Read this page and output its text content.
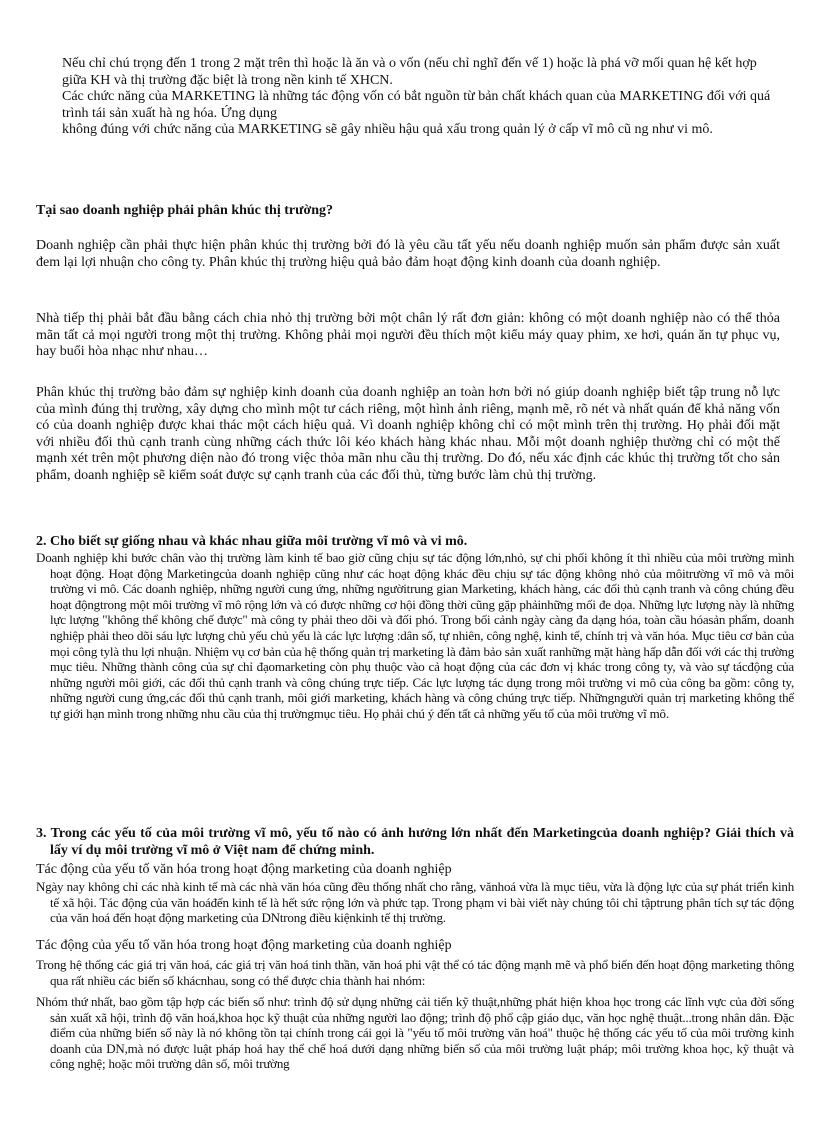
Nếu chỉ chú trọng đến 1 trong 2 mặt trên thì hoặc là ăn và o vốn (nếu chỉ nghĩ đến vế 1) hoặc là phá vỡ mối quan hệ kết hợp giữa KH và thị trường đặc biệt là trong nền kinh tế XHCN.

Các chức năng của MARKETING là những tác động vốn có bắt nguồn từ bản chất khách quan của MARKETING đối với quá trình tái sản xuất hà ng hóa. Ứng dụng

không đúng với chức năng của MARKETING sẽ gây nhiều hậu quả xấu trong quản lý ở cấp vĩ mô cũ ng như vi mô.

Tại sao doanh nghiệp phải phân khúc thị trường?

Doanh nghiệp cần phải thực hiện phân khúc thị trường bởi đó là yêu cầu tất yếu nếu doanh nghiệp muốn sản phẩm được sản xuất đem lại lợi nhuận cho công ty. Phân khúc thị trường hiệu quả bảo đảm hoạt động kinh doanh của doanh nghiệp.

Nhà tiếp thị phải bắt đầu bằng cách chia nhỏ thị trường bởi một chân lý rất đơn giản: không có một doanh nghiệp nào có thể thỏa mãn tất cả mọi người trong một thị trường. Không phải mọi người đều thích một kiểu máy quay phim, xe hơi, quán ăn tự phục vụ, hay buổi hòa nhạc như nhau…

Phân khúc thị trường bảo đảm sự nghiệp kinh doanh của doanh nghiệp an toàn hơn bởi nó giúp doanh nghiệp biết tập trung nỗ lực của mình đúng thị trường, xây dựng cho mình một tư cách riêng, một hình ảnh riêng, mạnh mẽ, rõ nét và nhất quán để khả năng vốn có của doanh nghiệp được khai thác một cách hiệu quả. Vì doanh nghiệp không chỉ có một mình trên thị trường. Họ phải đối mặt với nhiều đối thủ cạnh tranh cùng những cách thức lôi kéo khách hàng khác nhau. Mỗi một doanh nghiệp thường chỉ có một thế mạnh xét trên một phương diện nào đó trong việc thỏa mãn nhu cầu thị trường. Do đó, nếu xác định các khúc thị trường tốt cho sản phẩm, doanh nghiệp sẽ kiểm soát được sự cạnh tranh của các đối thủ, từng bước làm chủ thị trường.

2. Cho biết sự giống nhau và khác nhau giữa môi trường vĩ mô và vi mô.

Doanh nghiệp khi bước chân vào thị trường làm kinh tế bao giờ cũng chịu sự tác động lớn,nhỏ, sự chi phối không ít thì nhiều của môi trường mình hoạt động. Hoạt động Marketingcủa doanh nghiệp cũng như các hoạt động khác đều chịu sự tác động không nhỏ của môitrường vĩ mô và môi trường vi mô. Các doanh nghiệp, những người cung ứng, những ngườitrung gian Marketing, khách hàng, các đối thủ cạnh tranh và công chúng đều hoạt độngtrong một môi trường vĩ mô rộng lớn và có được những cơ hội đồng thời cũng gặp phảinhững mối đe dọa. Những lực lượng này là những lực lượng "không thể không chế được" mà công ty phải theo dõi và đối phó. Trong bối cảnh ngày càng đa dạng hóa, toàn cầu hóasản phẩm, doanh nghiệp phải theo dõi sáu lực lượng chủ yếu chủ yếu là các lực lượng :dân số, tự nhiên, công nghệ, kinh tế, chính trị và văn hóa. Mục tiêu cơ bản của mọi công tylà thu lợi nhuận. Nhiệm vụ cơ bản của hệ thống quản trị marketing là đảm bảo sản xuất ranhững mặt hàng hấp dẫn đối với các thị trường mục tiêu. Những thành công của sự chỉ đạomarketing còn phụ thuộc vào cả hoạt động của các đơn vị khác trong công ty, và vào sự tácđộng của những người môi giới, các đối thủ cạnh tranh và công chúng trực tiếp. Các lực lượng tác dụng trong môi trường vi mô của công ba gồm: công ty, những người cung ứng,các đối thủ cạnh tranh, môi giới marketing, khách hàng và công chúng trực tiếp. Nhữngngười quản trị marketing không thể tự giới hạn mình trong những nhu cầu của thị trườngmục tiêu. Họ phải chú ý đến tất cả những yếu tố của môi trường vĩ mô.

3. Trong các yếu tố của môi trường vĩ mô, yếu tố nào có ảnh hưởng lớn nhất đến Marketingcủa doanh nghiệp? Giải thích và lấy ví dụ môi trường vĩ mô ở Việt nam để chứng minh.

Tác động của yếu tố văn hóa trong hoạt động marketing của doanh nghiệp

Ngày nay không chỉ các nhà kinh tế mà các nhà văn hóa cũng đều thống nhất cho rằng, vănhoá vừa là mục tiêu, vừa là động lực của sự phát triển kinh tế xã hội. Tác động của văn hoáđến kinh tế là hết sức rộng lớn và phức tạp. Trong phạm vi bài viết này chúng tôi chỉ tậptrung phân tích sự tác động của văn hoá đến hoạt động marketing của DNtrong điều kiệnkinh tế thị trường.

Tác động của yếu tố văn hóa trong hoạt động marketing của doanh nghiệp

Trong hệ thống các giá trị văn hoá, các giá trị văn hoá tinh thần, văn hoá phi vật thể có tác động mạnh mẽ và phổ biến đến hoạt động marketing thông qua rất nhiều các biến số khácnhau, song có thể được chia thành hai nhóm:

Nhóm thứ nhất, bao gồm tập hợp các biến số như: trình độ sử dụng những cải tiến kỹ thuật,những phát hiện khoa học trong các lĩnh vực của đời sống sản xuất xã hội, trình độ văn hoá,khoa học kỹ thuật của những người lao động; trình độ phổ cập giáo dục, văn học nghệ thuật...trong nhân dân. Đặc điểm của những biến số này là nó không tồn tại chính trong cái gọi là "yếu tố môi trường văn hoá" thuộc hệ thống các yếu tố của môi trường kinh doanh của DN,mà nó được luật pháp hoá hay thể chế hoá dưới dạng những biến số của môi trường luật pháp; môi trường khoa học, kỹ thuật và công nghệ; hoặc môi trường dân số, môi trường
